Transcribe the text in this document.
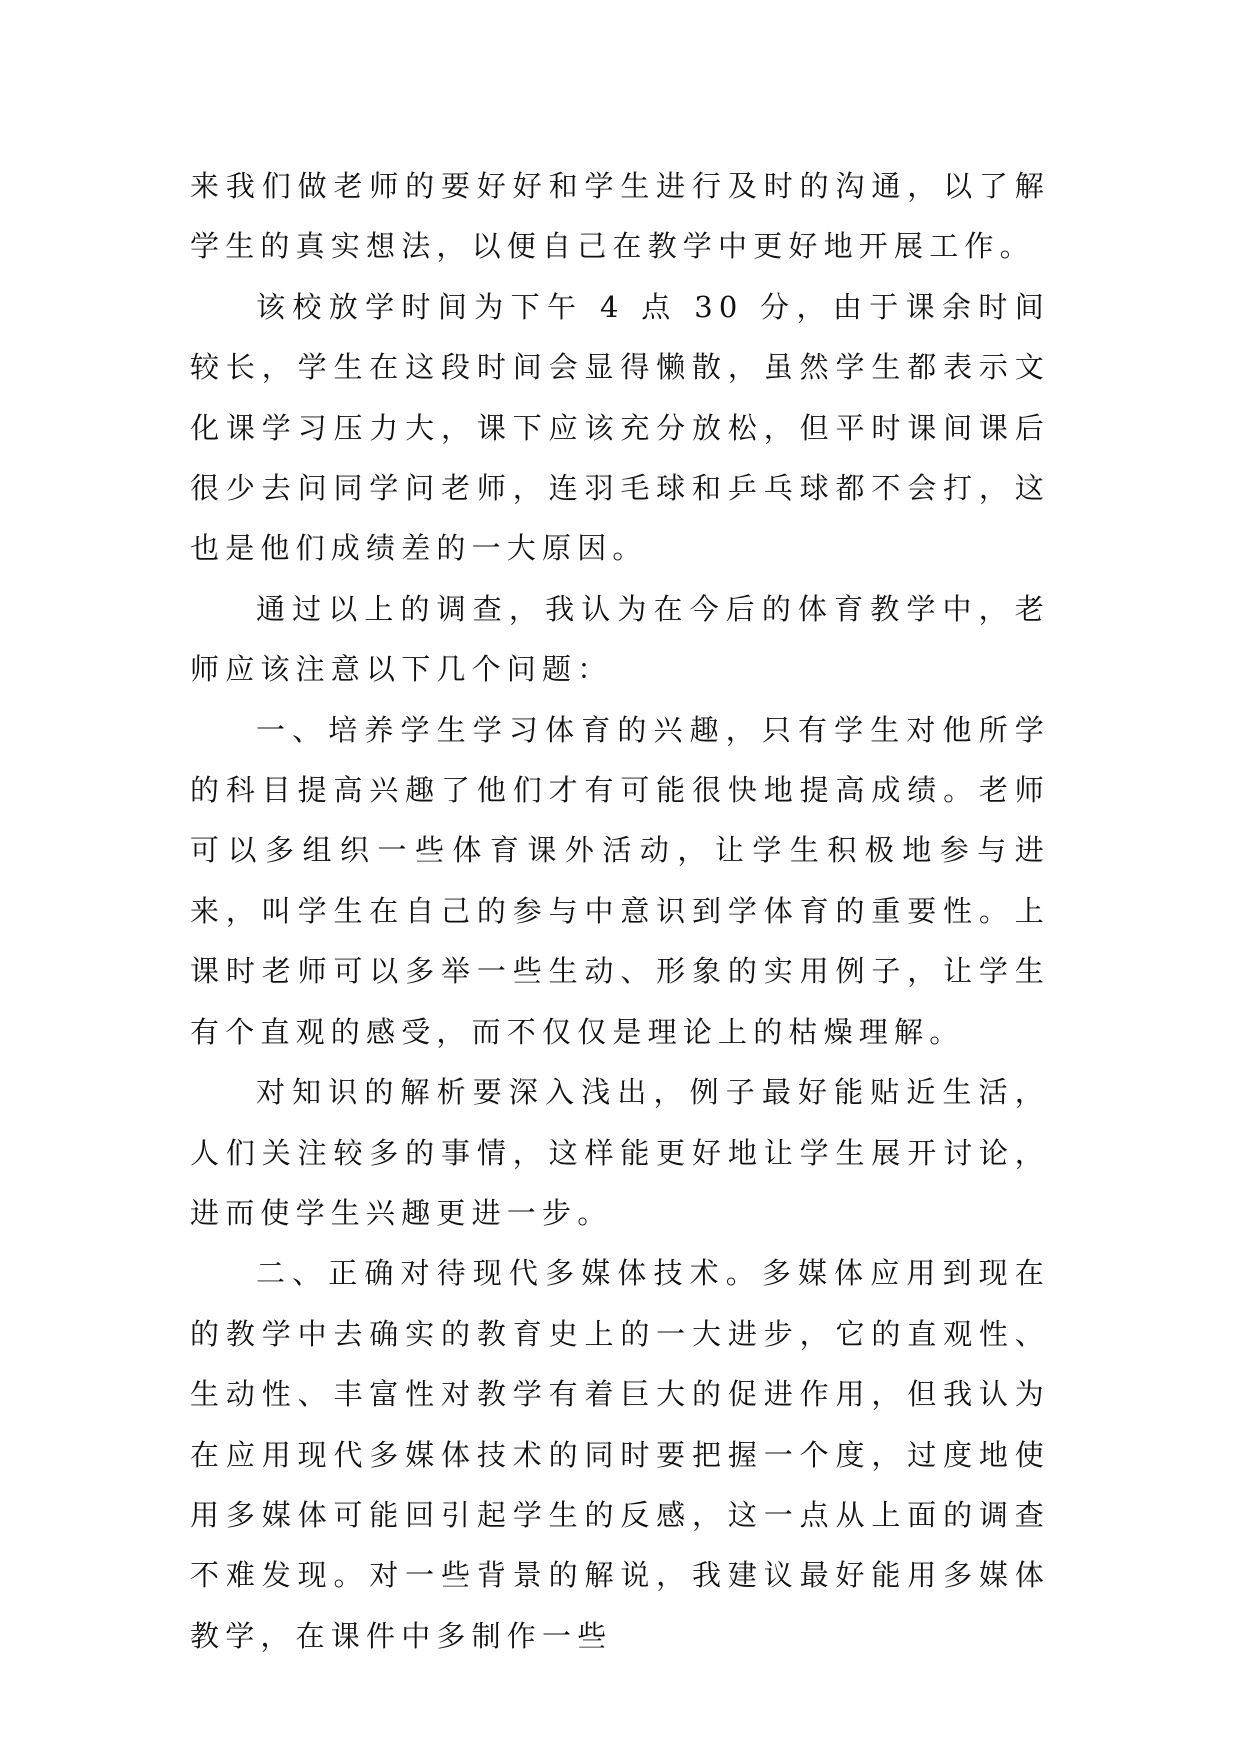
来我们做老师的要好好和学生进行及时的沟通，以了解学生的真实想法，以便自己在教学中更好地开展工作。

该校放学时间为下午 4 点 30 分，由于课余时间较长，学生在这段时间会显得懒散，虽然学生都表示文化课学习压力大，课下应该充分放松，但平时课间课后很少去问同学问老师，连羽毛球和乒乓球都不会打，这也是他们成绩差的一大原因。

通过以上的调查，我认为在今后的体育教学中，老师应该注意以下几个问题：

一、培养学生学习体育的兴趣，只有学生对他所学的科目提高兴趣了他们才有可能很快地提高成绩。老师可以多组织一些体育课外活动，让学生积极地参与进来，叫学生在自己的参与中意识到学体育的重要性。上课时老师可以多举一些生动、形象的实用例子，让学生有个直观的感受，而不仅仅是理论上的枯燥理解。

对知识的解析要深入浅出，例子最好能贴近生活，人们关注较多的事情，这样能更好地让学生展开讨论，进而使学生兴趣更进一步。

二、正确对待现代多媒体技术。多媒体应用到现在的教学中去确实的教育史上的一大进步，它的直观性、生动性、丰富性对教学有着巨大的促进作用，但我认为在应用现代多媒体技术的同时要把握一个度，过度地使用多媒体可能回引起学生的反感，这一点从上面的调查不难发现。对一些背景的解说，我建议最好能用多媒体教学，在课件中多制作一些
